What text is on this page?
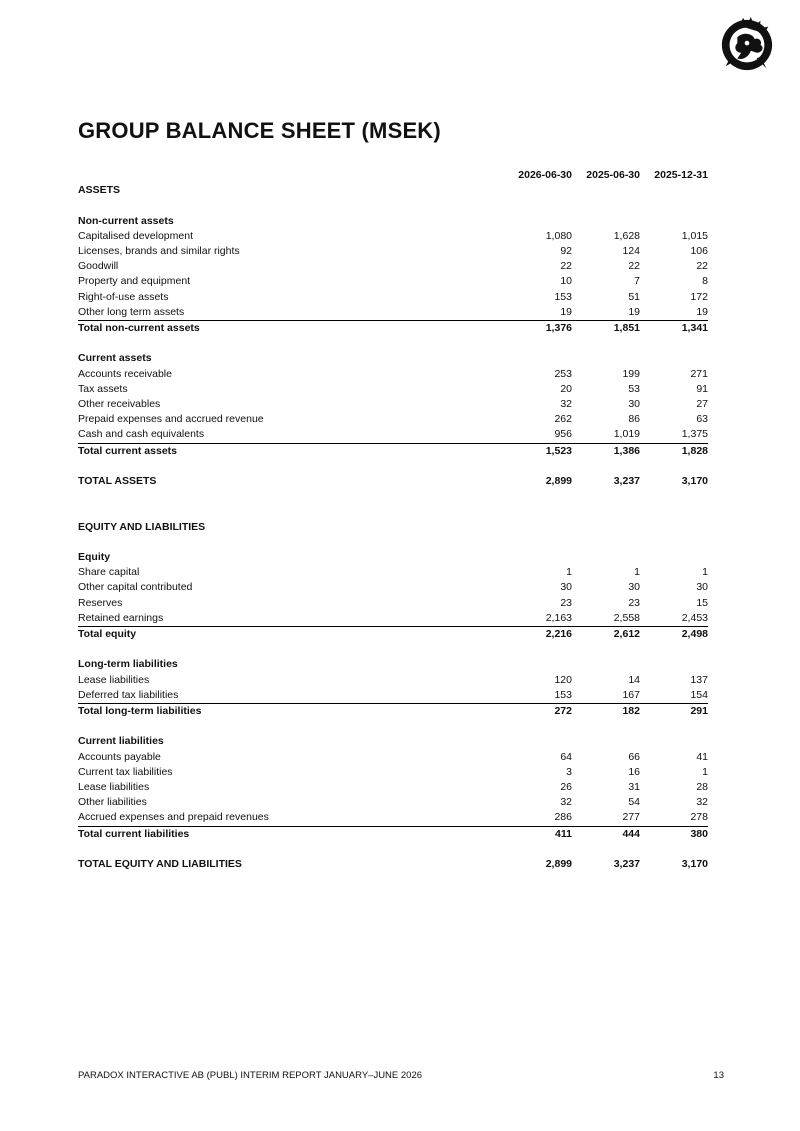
GROUP BALANCE SHEET (MSEK)
	2026-06-30	2025-06-30	2025-12-31
ASSETS			

Non-current assets			
Capitalised development	1,080	1,628	1,015
Licenses, brands and similar rights	92	124	106
Goodwill	22	22	22
Property and equipment	10	7	8
Right-of-use assets	153	51	172
Other long term assets	19	19	19
Total non-current assets	1,376	1,851	1,341

Current assets			
Accounts receivable	253	199	271
Tax assets	20	53	91
Other receivables	32	30	27
Prepaid expenses and accrued revenue	262	86	63
Cash and cash equivalents	956	1,019	1,375
Total current assets	1,523	1,386	1,828

TOTAL ASSETS	2,899	3,237	3,170

EQUITY AND LIABILITIES			

Equity			
Share capital	1	1	1
Other capital contributed	30	30	30
Reserves	23	23	15
Retained earnings	2,163	2,558	2,453
Total equity	2,216	2,612	2,498

Long-term liabilities			
Lease liabilities	120	14	137
Deferred tax liabilities	153	167	154
Total long-term liabilities	272	182	291

Current liabilities			
Accounts payable	64	66	41
Current tax liabilities	3	16	1
Lease liabilities	26	31	28
Other liabilities	32	54	32
Accrued expenses and prepaid revenues	286	277	278
Total current liabilities	411	444	380

TOTAL EQUITY AND LIABILITIES	2,899	3,237	3,170
PARADOX INTERACTIVE AB (PUBL) INTERIM REPORT JANUARY–JUNE 2026	13
